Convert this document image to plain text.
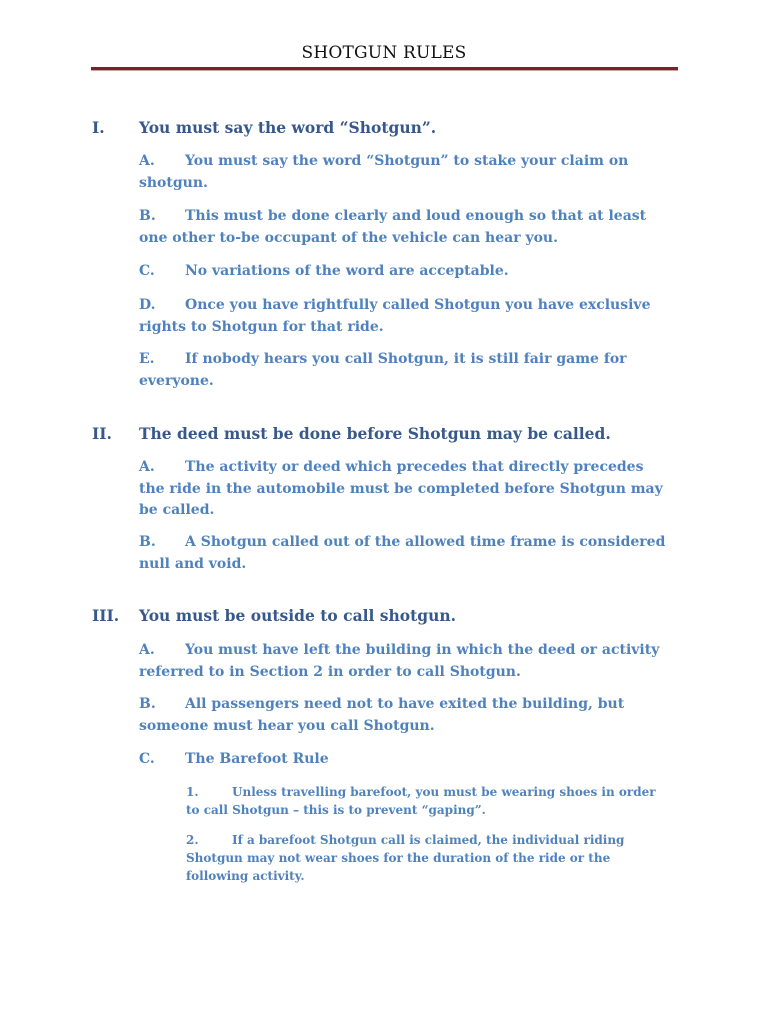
SHOTGUN RULES
I. You must say the word “Shotgun”.
A. You must say the word “Shotgun” to stake your claim on shotgun.
B. This must be done clearly and loud enough so that at least one other to-be occupant of the vehicle can hear you.
C. No variations of the word are acceptable.
D. Once you have rightfully called Shotgun you have exclusive rights to Shotgun for that ride.
E. If nobody hears you call Shotgun, it is still fair game for everyone.
II. The deed must be done before Shotgun may be called.
A. The activity or deed which precedes that directly precedes the ride in the automobile must be completed before Shotgun may be called.
B. A Shotgun called out of the allowed time frame is considered null and void.
III. You must be outside to call shotgun.
A. You must have left the building in which the deed or activity referred to in Section 2 in order to call Shotgun.
B. All passengers need not to have exited the building, but someone must hear you call Shotgun.
C. The Barefoot Rule
1.	Unless travelling barefoot, you must be wearing shoes in order to call Shotgun – this is to prevent “gaping”.
2.	If a barefoot Shotgun call is claimed, the individual riding Shotgun may not wear shoes for the duration of the ride or the following activity.
